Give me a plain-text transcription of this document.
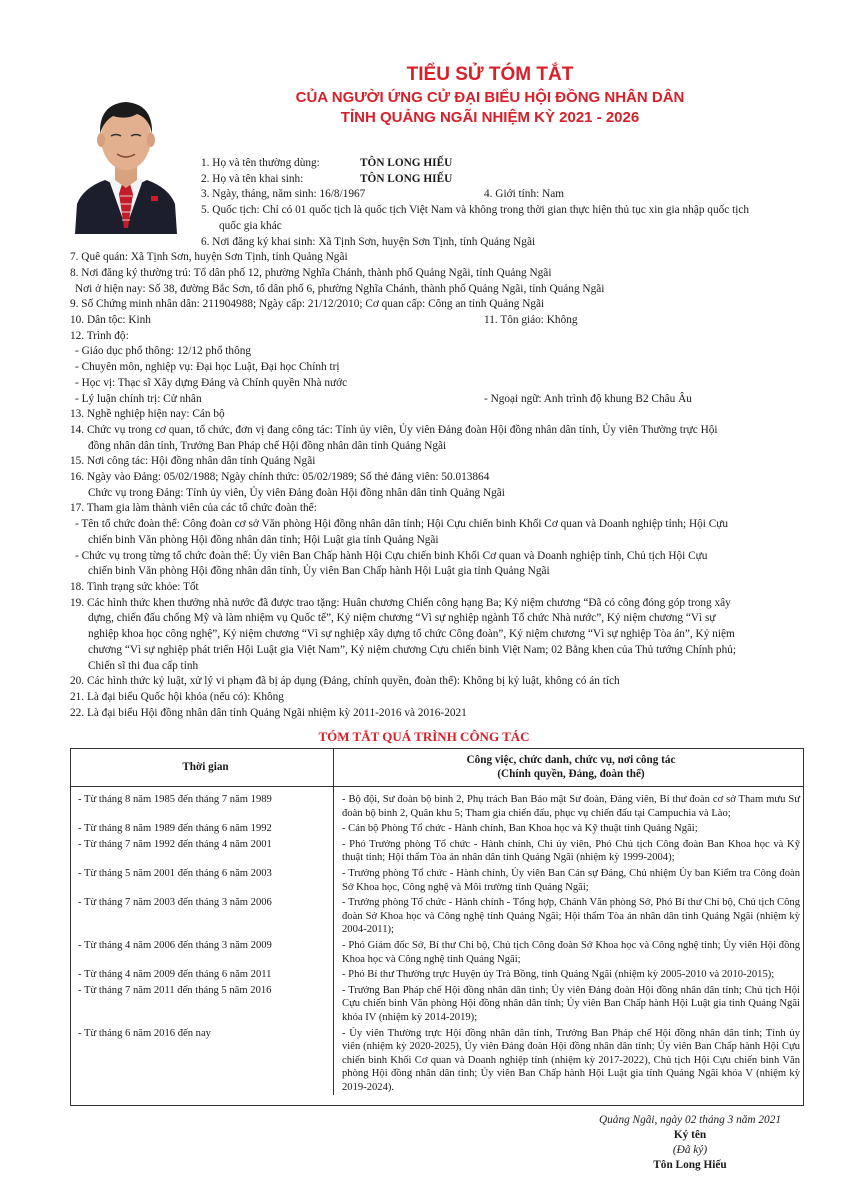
TIỂU SỬ TÓM TẮT
CỦA NGƯỜI ỨNG CỬ ĐẠI BIỂU HỘI ĐỒNG NHÂN DÂN
TỈNH QUẢNG NGÃI NHIỆM KỲ 2021 - 2026
1. Họ và tên thường dùng:	TÔN LONG HIẾU
2. Họ và tên khai sinh:	TÔN LONG HIẾU
3. Ngày, tháng, năm sinh: 16/8/1967	4. Giới tính: Nam
5. Quốc tịch: Chỉ có 01 quốc tịch là quốc tịch Việt Nam và không trong thời gian thực hiện thủ tục xin gia nhập quốc tịch
quốc gia khác
6. Nơi đăng ký khai sinh: Xã Tịnh Sơn, huyện Sơn Tịnh, tỉnh Quảng Ngãi
7. Quê quán: Xã Tịnh Sơn, huyện Sơn Tịnh, tỉnh Quảng Ngãi
8. Nơi đăng ký thường trú: Tổ dân phố 12, phường Nghĩa Chánh, thành phố Quảng Ngãi, tỉnh Quảng Ngãi
Nơi ở hiện nay: Số 38, đường Bắc Sơn, tổ dân phố 6, phường Nghĩa Chánh, thành phố Quảng Ngãi, tỉnh Quảng Ngãi
9. Số Chứng minh nhân dân: 211904988; Ngày cấp: 21/12/2010; Cơ quan cấp: Công an tỉnh Quảng Ngãi
10. Dân tộc: Kinh	11. Tôn giáo: Không
12. Trình độ:
- Giáo dục phổ thông: 12/12 phổ thông
- Chuyên môn, nghiệp vụ: Đại học Luật, Đại học Chính trị
- Học vị: Thạc sĩ Xây dựng Đảng và Chính quyền Nhà nước
- Lý luận chính trị: Cử nhân	- Ngoại ngữ: Anh trình độ khung B2 Châu Âu
13. Nghề nghiệp hiện nay: Cán bộ
14. Chức vụ trong cơ quan, tổ chức, đơn vị đang công tác: Tỉnh ủy viên, Ủy viên Đảng đoàn Hội đồng nhân dân tỉnh, Ủy viên Thường trực Hội
đồng nhân dân tỉnh, Trưởng Ban Pháp chế Hội đồng nhân dân tỉnh Quảng Ngãi
15. Nơi công tác: Hội đồng nhân dân tỉnh Quảng Ngãi
16. Ngày vào Đảng: 05/02/1988; Ngày chính thức: 05/02/1989; Số thẻ đảng viên: 50.013864
Chức vụ trong Đảng: Tỉnh ủy viên, Ủy viên Đảng đoàn Hội đồng nhân dân tỉnh Quảng Ngãi
17. Tham gia làm thành viên của các tổ chức đoàn thể:
- Tên tổ chức đoàn thể: Công đoàn cơ sở Văn phòng Hội đồng nhân dân tỉnh; Hội Cựu chiến binh Khối Cơ quan và Doanh nghiệp tỉnh; Hội Cựu
chiến binh Văn phòng Hội đồng nhân dân tỉnh; Hội Luật gia tỉnh Quảng Ngãi
- Chức vụ trong từng tổ chức đoàn thể: Ủy viên Ban Chấp hành Hội Cựu chiến binh Khối Cơ quan và Doanh nghiệp tỉnh, Chủ tịch Hội Cựu
chiến binh Văn phòng Hội đồng nhân dân tỉnh, Ủy viên Ban Chấp hành Hội Luật gia tỉnh Quảng Ngãi
18. Tình trạng sức khỏe: Tốt
19. Các hình thức khen thưởng nhà nước đã được trao tặng: Huân chương Chiến công hạng Ba; Kỷ niệm chương “Đã có công đóng góp trong xây
dựng, chiến đấu chống Mỹ và làm nhiệm vụ Quốc tế”, Kỷ niệm chương “Vì sự nghiệp ngành Tổ chức Nhà nước”, Kỷ niệm chương “Vì sự
nghiệp khoa học công nghệ”, Kỷ niệm chương “Vì sự nghiệp xây dựng tổ chức Công đoàn”, Kỷ niệm chương “Vì sự nghiệp Tòa án”, Kỷ niệm
chương “Vì sự nghiệp phát triển Hội Luật gia Việt Nam”, Kỷ niệm chương Cựu chiến binh Việt Nam; 02 Bằng khen của Thủ tướng Chính phủ;
Chiến sĩ thi đua cấp tỉnh
20. Các hình thức kỷ luật, xử lý vi phạm đã bị áp dụng (Đảng, chính quyền, đoàn thể): Không bị kỷ luật, không có án tích
21. Là đại biểu Quốc hội khóa (nếu có): Không
22. Là đại biểu Hội đồng nhân dân tỉnh Quảng Ngãi nhiệm kỳ 2011-2016 và 2016-2021
TÓM TẮT QUÁ TRÌNH CÔNG TÁC
Thời gian	Công việc, chức danh, chức vụ, nơi công tác
(Chính quyền, Đảng, đoàn thể)

- Từ tháng 8 năm 1985 đến tháng 7 năm 1989	- Bộ đội, Sư đoàn bộ binh 2, Phụ trách Ban Bảo mật Sư đoàn, Đảng viên, Bí thư đoàn cơ sở Tham mưu Sư đoàn bộ binh 2, Quân khu 5; Tham gia chiến đấu, phục vụ chiến đấu tại Campuchia và Lào;
- Từ tháng 8 năm 1989 đến tháng 6 năm 1992	- Cán bộ Phòng Tổ chức - Hành chính, Ban Khoa học và Kỹ thuật tỉnh Quảng Ngãi;
- Từ tháng 7 năm 1992 đến tháng 4 năm 2001	- Phó Trưởng phòng Tổ chức - Hành chính, Chi ủy viên, Phó Chủ tịch Công đoàn Ban Khoa học và Kỹ thuật tỉnh; Hội thẩm Tòa án nhân dân tỉnh Quảng Ngãi (nhiệm kỳ 1999-2004);
- Từ tháng 5 năm 2001 đến tháng 6 năm 2003	- Trưởng phòng Tổ chức - Hành chính, Ủy viên Ban Cán sự Đảng, Chủ nhiệm Ủy ban Kiểm tra Công đoàn Sở Khoa học, Công nghệ và Môi trường tỉnh Quảng Ngãi;
- Từ tháng 7 năm 2003 đến tháng 3 năm 2006	- Trưởng phòng Tổ chức - Hành chính - Tổng hợp, Chánh Văn phòng Sở, Phó Bí thư Chi bộ, Chủ tịch Công đoàn Sở Khoa học và Công nghệ tỉnh Quảng Ngãi; Hội thẩm Tòa án nhân dân tỉnh Quảng Ngãi (nhiệm kỳ 2004-2011);
- Từ tháng 4 năm 2006 đến tháng 3 năm 2009	- Phó Giám đốc Sở, Bí thư Chi bộ, Chủ tịch Công đoàn Sở Khoa học và Công nghệ tỉnh; Ủy viên Hội đồng Khoa học và Công nghệ tỉnh Quảng Ngãi;
- Từ tháng 4 năm 2009 đến tháng 6 năm 2011	- Phó Bí thư Thường trực Huyện ủy Trà Bồng, tỉnh Quảng Ngãi (nhiệm kỳ 2005-2010 và 2010-2015);
- Từ tháng 7 năm 2011 đến tháng 5 năm 2016	- Trưởng Ban Pháp chế Hội đồng nhân dân tỉnh; Ủy viên Đảng đoàn Hội đồng nhân dân tỉnh; Chủ tịch Hội Cựu chiến binh Văn phòng Hội đồng nhân dân tỉnh; Ủy viên Ban Chấp hành Hội Luật gia tỉnh Quảng Ngãi khóa IV (nhiệm kỳ 2014-2019);
- Từ tháng 6 năm 2016 đến nay	- Ủy viên Thường trực Hội đồng nhân dân tỉnh, Trưởng Ban Pháp chế Hội đồng nhân dân tỉnh; Tỉnh ủy viên (nhiệm kỳ 2020-2025), Ủy viên Đảng đoàn Hội đồng nhân dân tỉnh; Ủy viên Ban Chấp hành Hội Cựu chiến binh Khối Cơ quan và Doanh nghiệp tỉnh (nhiệm kỳ 2017-2022), Chủ tịch Hội Cựu chiến binh Văn phòng Hội đồng nhân dân tỉnh; Ủy viên Ban Chấp hành Hội Luật gia tỉnh Quảng Ngãi khóa V (nhiệm kỳ 2019-2024).
Quảng Ngãi, ngày 02 tháng 3 năm 2021
Ký tên
(Đã ký)
Tôn Long Hiếu
